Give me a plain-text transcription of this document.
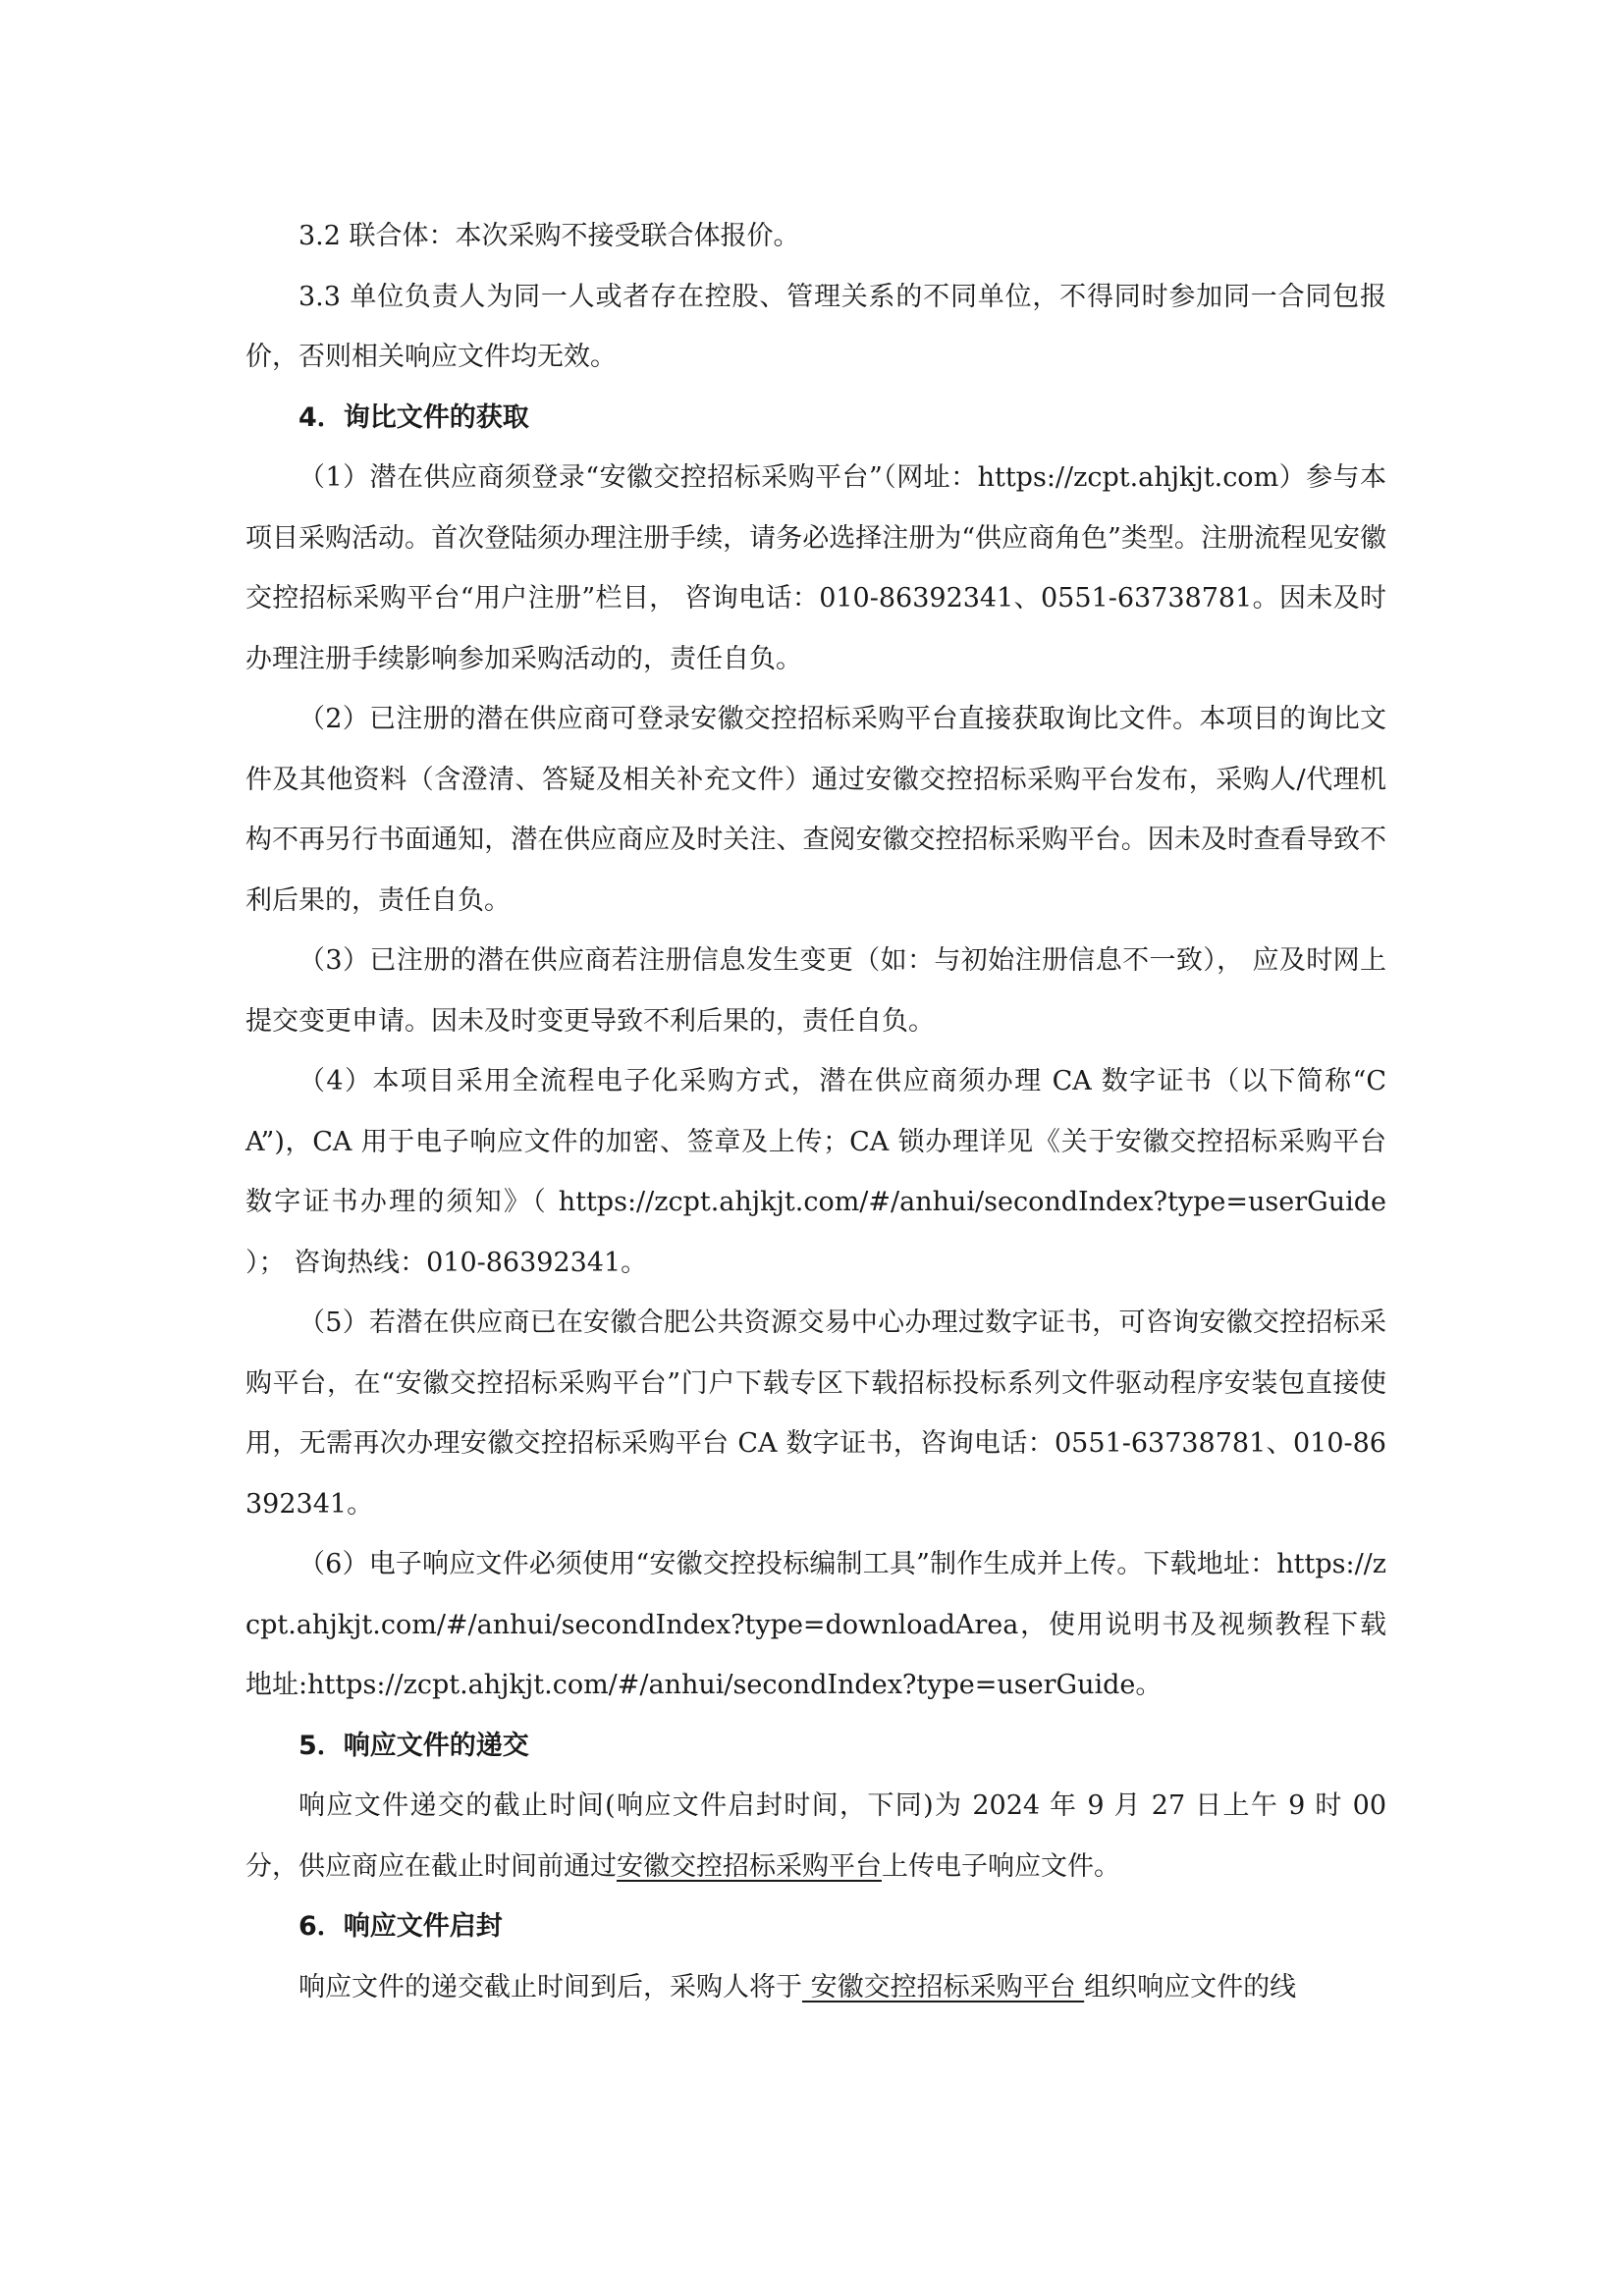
3.2 联合体：本次采购不接受联合体报价。

3.3 单位负责人为同一人或者存在控股、管理关系的不同单位，不得同时参加同一合同包报价，否则相关响应文件均无效。

4．询比文件的获取

（1）潜在供应商须登录“安徽交控招标采购平台”（网址：https://zcpt.ahjkjt.com）参与本项目采购活动。首次登陆须办理注册手续，请务必选择注册为“供应商角色”类型。注册流程见安徽交控招标采购平台“用户注册”栏目， 咨询电话：010-86392341、0551-63738781。因未及时办理注册手续影响参加采购活动的，责任自负。

（2）已注册的潜在供应商可登录安徽交控招标采购平台直接获取询比文件。本项目的询比文件及其他资料（含澄清、答疑及相关补充文件）通过安徽交控招标采购平台发布，采购人/代理机构不再另行书面通知，潜在供应商应及时关注、查阅安徽交控招标采购平台。因未及时查看导致不利后果的，责任自负。

（3）已注册的潜在供应商若注册信息发生变更（如：与初始注册信息不一致）， 应及时网上提交变更申请。因未及时变更导致不利后果的，责任自负。

（4）本项目采用全流程电子化采购方式，潜在供应商须办理 CA 数字证书（以下简称“CA”)，CA 用于电子响应文件的加密、签章及上传；CA 锁办理详见《关于安徽交控招标采购平台数字证书办理的须知》（ https://zcpt.ahjkjt.com/#/anhui/secondIndex?type=userGuide ）； 咨询热线：010-86392341。

（5）若潜在供应商已在安徽合肥公共资源交易中心办理过数字证书，可咨询安徽交控招标采购平台，在“安徽交控招标采购平台”门户下载专区下载招标投标系列文件驱动程序安装包直接使用，无需再次办理安徽交控招标采购平台 CA 数字证书，咨询电话：0551-63738781、010-86392341。

（6）电子响应文件必须使用“安徽交控投标编制工具”制作生成并上传。下载地址：https://zcpt.ahjkjt.com/#/anhui/secondIndex?type=downloadArea，使用说明书及视频教程下载地址:https://zcpt.ahjkjt.com/#/anhui/secondIndex?type=userGuide。

5．响应文件的递交

响应文件递交的截止时间(响应文件启封时间，下同)为 2024 年 9 月 27 日上午 9 时 00 分，供应商应在截止时间前通过安徽交控招标采购平台上传电子响应文件。

6．响应文件启封

响应文件的递交截止时间到后，采购人将于 安徽交控招标采购平台 组织响应文件的线
